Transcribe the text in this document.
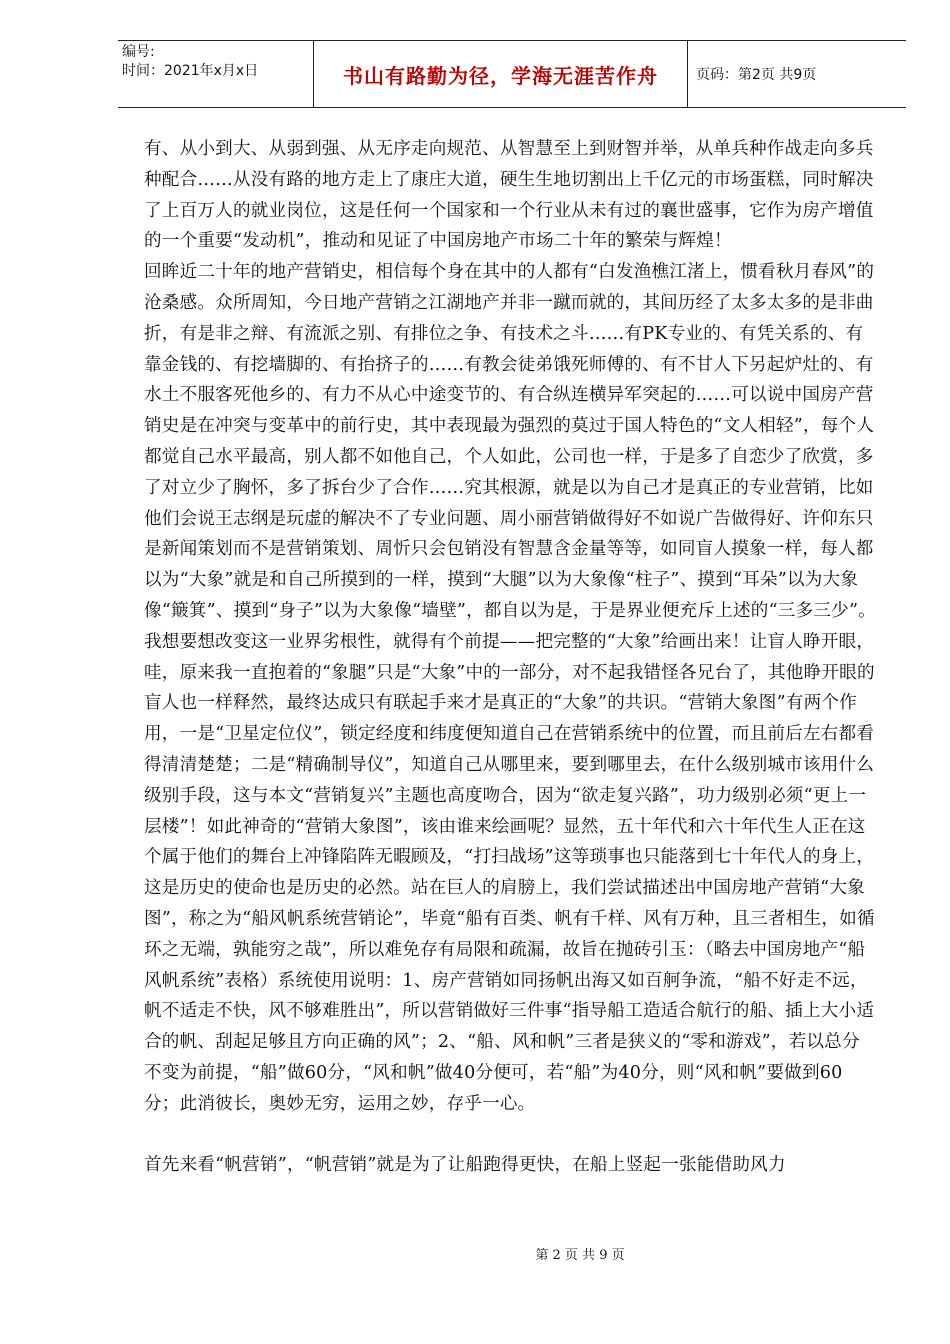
编号:
时间：2021年x月x日	书山有路勤为径，学海无涯苦作舟	页码：第2页 共9页

有、从小到大、从弱到强、从无序走向规范、从智慧至上到财智并举，从单兵种作战走向多兵种配合……从没有路的地方走上了康庄大道，硬生生地切割出上千亿元的市场蛋糕，同时解决了上百万人的就业岗位，这是任何一个国家和一个行业从未有过的襄世盛事，它作为房产增值的一个重要“发动机”，推动和见证了中国房地产市场二十年的繁荣与辉煌！

回眸近二十年的地产营销史，相信每个身在其中的人都有“白发渔樵江渚上，惯看秋月春风”的沧桑感。众所周知，今日地产营销之江湖地产并非一蹴而就的，其间历经了太多太多的是非曲折，有是非之辩、有流派之别、有排位之争、有技术之斗……有PK专业的、有凭关系的、有靠金钱的、有挖墙脚的、有抬挤子的……有教会徒弟饿死师傅的、有不甘人下另起炉灶的、有水土不服客死他乡的、有力不从心中途变节的、有合纵连横异军突起的……可以说中国房产营销史是在冲突与变革中的前行史，其中表现最为强烈的莫过于国人特色的“文人相轻”，每个人都觉自己水平最高，别人都不如他自己，个人如此，公司也一样，于是多了自恋少了欣赏，多了对立少了胸怀，多了拆台少了合作……究其根源，就是以为自己才是真正的专业营销，比如他们会说王志纲是玩虚的解决不了专业问题、周小丽营销做得好不如说广告做得好、许仰东只是新闻策划而不是营销策划、周忻只会包销没有智慧含金量等等，如同盲人摸象一样，每人都以为“大象”就是和自己所摸到的一样，摸到“大腿”以为大象像“柱子”、摸到“耳朵”以为大象像“簸箕”、摸到“身子”以为大象像“墙壁”，都自以为是，于是界业便充斥上述的“三多三少”。我想要想改变这一业界劣根性，就得有个前提——把完整的“大象”给画出来！让盲人睁开眼，哇，原来我一直抱着的“象腿”只是“大象”中的一部分，对不起我错怪各兄台了，其他睁开眼的盲人也一样释然，最终达成只有联起手来才是真正的“大象”的共识。“营销大象图”有两个作用，一是“卫星定位仪”，锁定经度和纬度便知道自己在营销系统中的位置，而且前后左右都看得清清楚楚；二是“精确制导仪”，知道自己从哪里来，要到哪里去，在什么级别城市该用什么级别手段，这与本文“营销复兴”主题也高度吻合，因为“欲走复兴路”，功力级别必须“更上一层楼”！如此神奇的“营销大象图”，该由谁来绘画呢？显然，五十年代和六十年代生人正在这个属于他们的舞台上冲锋陷阵无暇顾及，“打扫战场”这等琐事也只能落到七十年代人的身上，这是历史的使命也是历史的必然。站在巨人的肩膀上，我们尝试描述出中国房地产营销“大象图”，称之为“船风帆系统营销论”，毕竟“船有百类、帆有千样、风有万种，且三者相生，如循环之无端，孰能穷之哉”，所以难免存有局限和疏漏，故旨在抛砖引玉：（略去中国房地产“船风帆系统”表格）系统使用说明：1、房产营销如同扬帆出海又如百舸争流，“船不好走不远，帆不适走不快，风不够难胜出”，所以营销做好三件事“指导船工造适合航行的船、插上大小适合的帆、刮起足够且方向正确的风”；2、“船、风和帆”三者是狭义的“零和游戏”，若以总分不变为前提，“船”做60分，“风和帆”做40分便可，若“船”为40分，则“风和帆”要做到60分；此消彼长，奥妙无穷，运用之妙，存乎一心。

首先来看“帆营销”，“帆营销”就是为了让船跑得更快，在船上竖起一张能借助风力

第 2 页 共 9 页
